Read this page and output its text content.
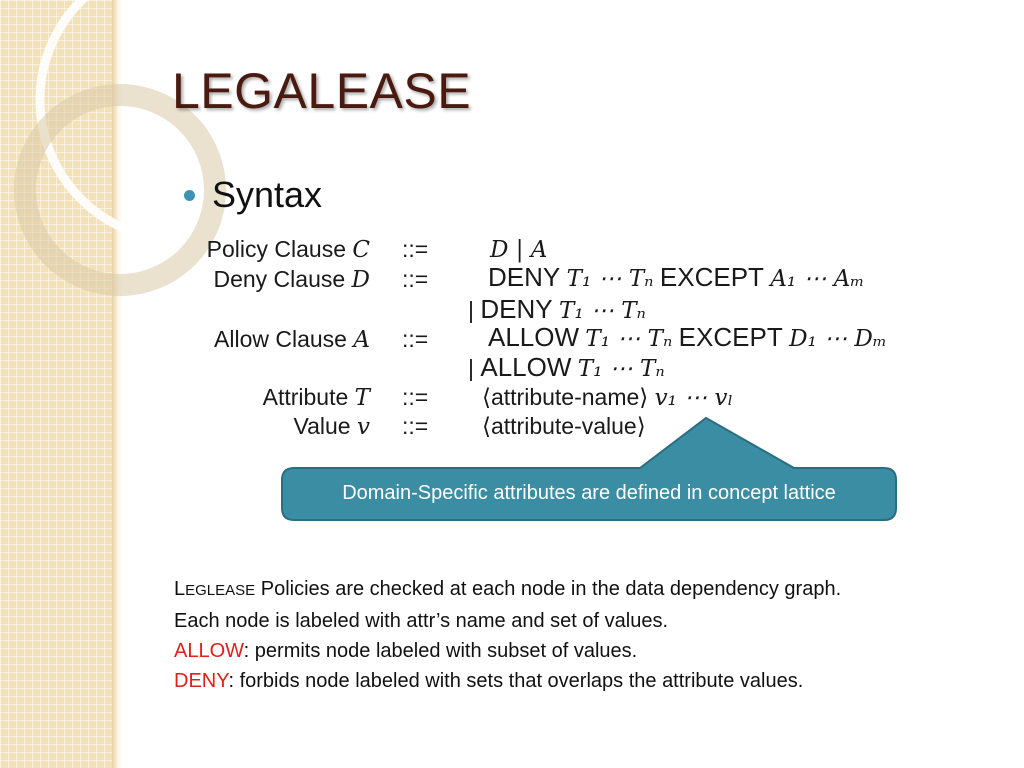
LEGALEASE
Syntax
Policy Clause C ::=	D | A
Deny Clause D ::= DENY T₁ ⋯ Tₙ EXCEPT A₁ ⋯ Aₘ
| DENY T₁ ⋯ Tₙ
Allow Clause A ::= ALLOW T₁ ⋯ Tₙ EXCEPT D₁ ⋯ Dₘ
| ALLOW T₁ ⋯ Tₙ
Attribute T ::= ⟨attribute-name⟩ v₁ ⋯ vₗ
Value v ::= ⟨attribute-value⟩
Domain-Specific attributes are defined in concept lattice

LEGLEASE Policies are checked at each node in the data dependency graph.

Each node is labeled with attr’s name and set of values.

ALLOW: permits node labeled with subset of values.

DENY: forbids node labeled with sets that overlaps the attribute values.
